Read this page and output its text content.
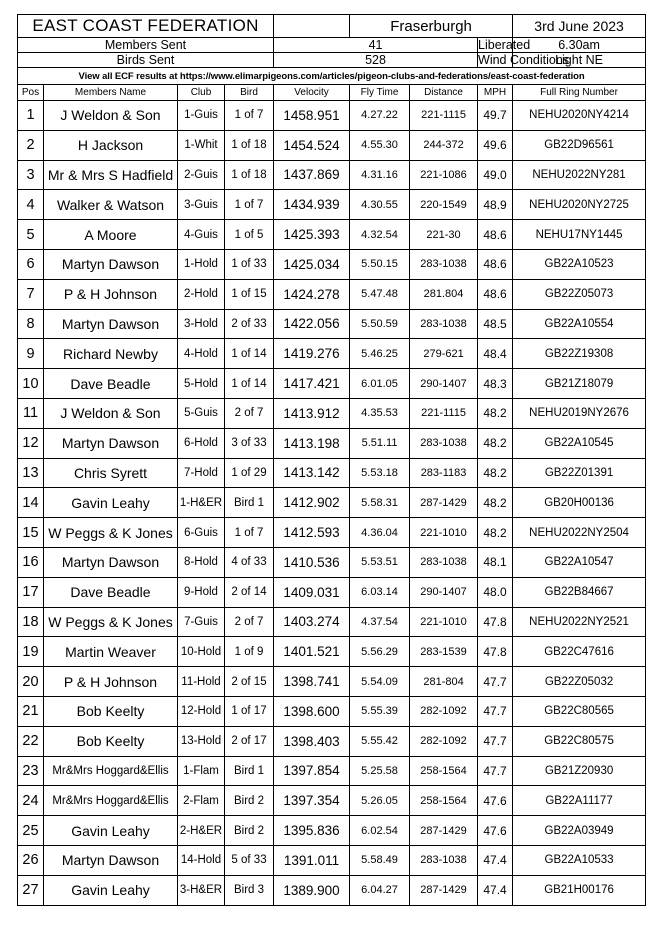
EAST COAST FEDERATION					Fraserburgh			3rd June 2023
Members Sent				41			Liberated	6.30am
Birds Sent				528			Wind Conditions	Light NE
View all ECF results at https://www.elimarpigeons.com/articles/pigeon-clubs-and-federations/east-coast-federation								
Pos	Members Name	Club	Bird	Velocity	Fly Time	Distance	MPH	Full Ring Number
1	J Weldon & Son	1-Guis	1 of 7	1458.951	4.27.22	221-1115	49.7	NEHU2020NY4214
2	H Jackson	1-Whit	1 of 18	1454.524	4.55.30	244-372	49.6	GB22D96561
3	Mr & Mrs S Hadfield	2-Guis	1 of 18	1437.869	4.31.16	221-1086	49.0	NEHU2022NY281
4	Walker & Watson	3-Guis	1 of 7	1434.939	4.30.55	220-1549	48.9	NEHU2020NY2725
5	A Moore	4-Guis	1 of 5	1425.393	4.32.54	221-30	48.6	NEHU17NY1445
6	Martyn Dawson	1-Hold	1 of 33	1425.034	5.50.15	283-1038	48.6	GB22A10523
7	P & H Johnson	2-Hold	1 of 15	1424.278	5.47.48	281.804	48.6	GB22Z05073
8	Martyn Dawson	3-Hold	2 of 33	1422.056	5.50.59	283-1038	48.5	GB22A10554
9	Richard Newby	4-Hold	1 of 14	1419.276	5.46.25	279-621	48.4	GB22Z19308
10	Dave Beadle	5-Hold	1 of 14	1417.421	6.01.05	290-1407	48.3	GB21Z18079
11	J Weldon & Son	5-Guis	2 of 7	1413.912	4.35.53	221-1115	48.2	NEHU2019NY2676
12	Martyn Dawson	6-Hold	3 of 33	1413.198	5.51.11	283-1038	48.2	GB22A10545
13	Chris Syrett	7-Hold	1 of 29	1413.142	5.53.18	283-1183	48.2	GB22Z01391
14	Gavin Leahy	1-H&ER	Bird 1	1412.902	5.58.31	287-1429	48.2	GB20H00136
15	W Peggs & K Jones	6-Guis	1 of 7	1412.593	4.36.04	221-1010	48.2	NEHU2022NY2504
16	Martyn Dawson	8-Hold	4 of 33	1410.536	5.53.51	283-1038	48.1	GB22A10547
17	Dave Beadle	9-Hold	2 of 14	1409.031	6.03.14	290-1407	48.0	GB22B84667
18	W Peggs & K Jones	7-Guis	2 of 7	1403.274	4.37.54	221-1010	47.8	NEHU2022NY2521
19	Martin Weaver	10-Hold	1 of 9	1401.521	5.56.29	283-1539	47.8	GB22C47616
20	P & H Johnson	11-Hold	2 of 15	1398.741	5.54.09	281-804	47.7	GB22Z05032
21	Bob Keelty	12-Hold	1 of 17	1398.600	5.55.39	282-1092	47.7	GB22C80565
22	Bob Keelty	13-Hold	2 of 17	1398.403	5.55.42	282-1092	47.7	GB22C80575
23	Mr&Mrs Hoggard&Ellis	1-Flam	Bird 1	1397.854	5.25.58	258-1564	47.7	GB21Z20930
24	Mr&Mrs Hoggard&Ellis	2-Flam	Bird 2	1397.354	5.26.05	258-1564	47.6	GB22A11177
25	Gavin Leahy	2-H&ER	Bird 2	1395.836	6.02.54	287-1429	47.6	GB22A03949
26	Martyn Dawson	14-Hold	5 of 33	1391.011	5.58.49	283-1038	47.4	GB22A10533
27	Gavin Leahy	3-H&ER	Bird 3	1389.900	6.04.27	287-1429	47.4	GB21H00176
